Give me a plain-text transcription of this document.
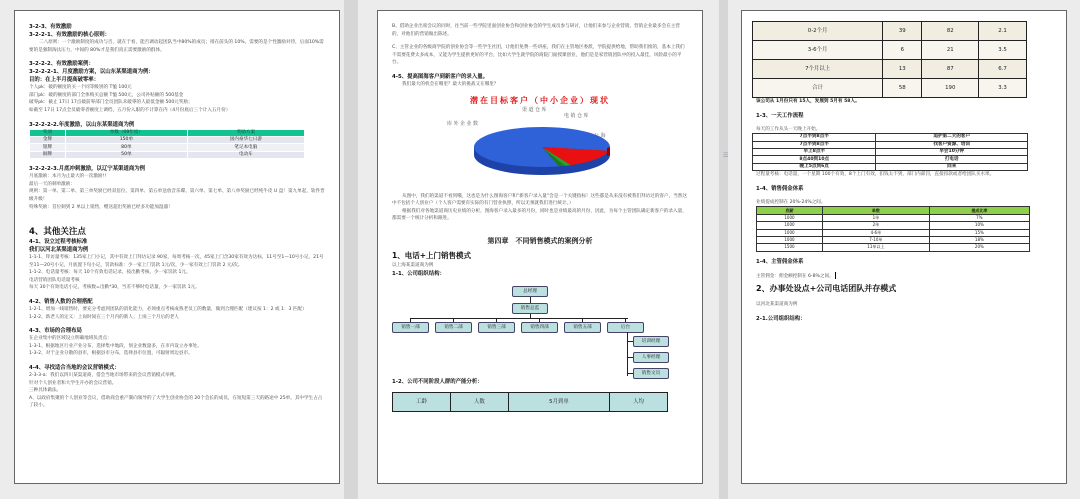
3-2-3、有效激励
3-2-2-1、有效激励的核心原则：

二八原则：一个激励制度的成功与否，就在于看，能否调动起团队当中80%的成员；排在前头的 10%，需要的是个性激励对待，后面10%需要的是强制淘汰压力，中间的 80%才是我们真正需要激励的群体。

3-2-2-2、有效激励案例：
3-2-2-2-1、月度激励方案，以山东某渠道商为例：
目的：在上半月提高破零率：

个人pk：破的额度的买一个同等级别的 T恤 100元

部门pk：破的额度的部门全体购买总额 T恤 500元，公司补贴额的 500基金

破零pk：截止 17日 17点破前零部门全员团队未破零的人最低金额 500元奖励；

如截至 17日 17点全员破零者额度上调档，五月份入职的不计算在内（4月份底后三个计入五月份）

3-2-2-2-2.年度激励，以山东某渠道商为例
奖项	单数（09年度）	奖励方案
金牌	150单	国内豪华七日游
银牌	80单	笔记本电脑
铜牌	50单	电动车
3-2-2-2-3.月底冲刺激励，以辽宁某渠道商为例

月底激励：本月为止最大的一次激励!!

最后一天的刺单激励：

规则：第一单、第二单、第三单奖励已经双倍位、第四单、第五单送放音乐碟、第六单、第七单、第八单奖励已经纯牛皮 U 盘！第九单起，软件晋级升级！

特殊奖励：首位刺到 2 单以上销售，赠送超出奖励已经多功能加湿器！

4、其他关注点
4-1、设立过程考核标准
我们以河北某渠道商为例

1-1-1、拜访量考核：135家上门小记，其中有效上门拜访记录 90家，每周考核一次，45家上门含30家有效为达标，11号至1—10号小记，21号至11—20号小记，月底置下旬小记，罚款标准：少一家上门罚款 1元/次，少一家有效上门罚款 2 元/次。

1-1-2、电话量考核：每天 10个有效电话记录，按出勤考核，少一家罚款 1元。

电话营销团队电话量考核

每天 30个有效电话小记，考核数=出勤*30，当差不够时电话量，少一家罚款 1元。

4-2、销售人数的合理搭配

1-2-1、增加一线销售时，要充分考虑到团队的消化能力，必须重点考核成熟老员工的数量，做到合理匹配（建议按 1：2 或 1：3 匹配）

1-2-2、新老人的定义：上岗时间在三个月内的新人；上岗三个月后的老人

4-3、市场的合理布局

在企业集中的区域设立明确地域负责点：

1-3-1、根据地区行业产业分布，选择集中地段，划企业数量多，在市内设立办事处。

1-3-2、对于企业分散的县市，根据县市分布，选择县市位置，可辐射周边县市。

4-4、寻找适合当地的会议营销模式：

2-3-3-a：我们以四川某渠道商，借会当地市场带来的会议营销模式举例。

针对个人创业者和大学生开办的会议营销。

三种具体做法。

A、以政府集聚的个人创业等会议，借助商会重产制向领导的了大学生创业协会的 20个会长的成员，在短短第三天的路途中 25单。其中学生占占了较小。

B、借助企业出席会议的同时，往当前一些学院里面创业协会和创业协会的学生成员参与研讨，让他们来参与企业营销，营销企业最多会在主营的，对他们的营销做出陈述。

C、主管企业的各级商学院的创业协会等一些学生社团，让他们免费一些讲座，我们在主管地区委派，学院提供给地，帮助我们推的，基本上我们不需要花费太多成本，又能为学生提供更好的平台，比如大学生就学院的商院门面授课创业，他们是是家营销团队中的投入最佳，风险最小的平台。

4-5、提高图海客户到新客户的录入量。

我们最大的机会在哪里？最大的挑战又在哪里？

潜在目标客户（中小企业）现状
库外企业数
渠道仓库
电销仓库
公海

从图中，我们的渠道不看到哦，这也是为什么图海客户和“新客户录入量”会是一个关键指标！这些都是从来没有被我们拜访过的客户，当然这中不包括个人创业户（个人客户需要有实际的有门营业执照，所以无须就我们进行统计。）

根据我们对各地渠道商历史业绩的分析，图海客户录入最多的月份，同时也是业绩最高的月份，因此，为每个主管团队确定新客户的录入量，都需要一个统计分析和跟进。

第四章　不同销售模式的案例分析
1、电话+上门销售模式

以上海某渠道商为例

1-1、公司组织结构：
总经理
销售总监
销售一部	销售二部	销售三部	销售四部	销售五部	后台
培训经理
人事经理
销售文员
1-2、公司不同阶段人群的产能分析：
工龄	人数	5月到单	人均
0-2个月	39	82	2.1
3-6个月	6	21	3.5
7个月以上	13	87	6.7
合计	58	190	3.3

该公司从 1月份只有 15人，发展到 5月有 58人。

1-3、一天工作流程

每天的工作从头一天晚上开始。

7点半到8点半	追护第二天的客户
7点半到8点半	找客户资源、培训
早上8点半	早会10分钟
8点40到10点	打电话
晚上5点到6点	回来

过程量考核：电话量，一个星期 100个有效，8个上门有效，扣钱太不到，部门内部罚，直接扣款或者给团队买水果。

1-4、销售佣金体系

业绩提成控制在 20%-24%之间。

底薪	单数	提成比率
1000	1单	7%
1000	2单	10%
1000	4-6单	15%
1000	7-10单	18%
1500	11单以上	20%
1-4、主管佣金体系

主管佣金：佣金额控制在 6-8%之间。

2、办事处设点+公司电话团队并存模式

以河北某渠道商为例

2-1.公司组织结构：
☰
